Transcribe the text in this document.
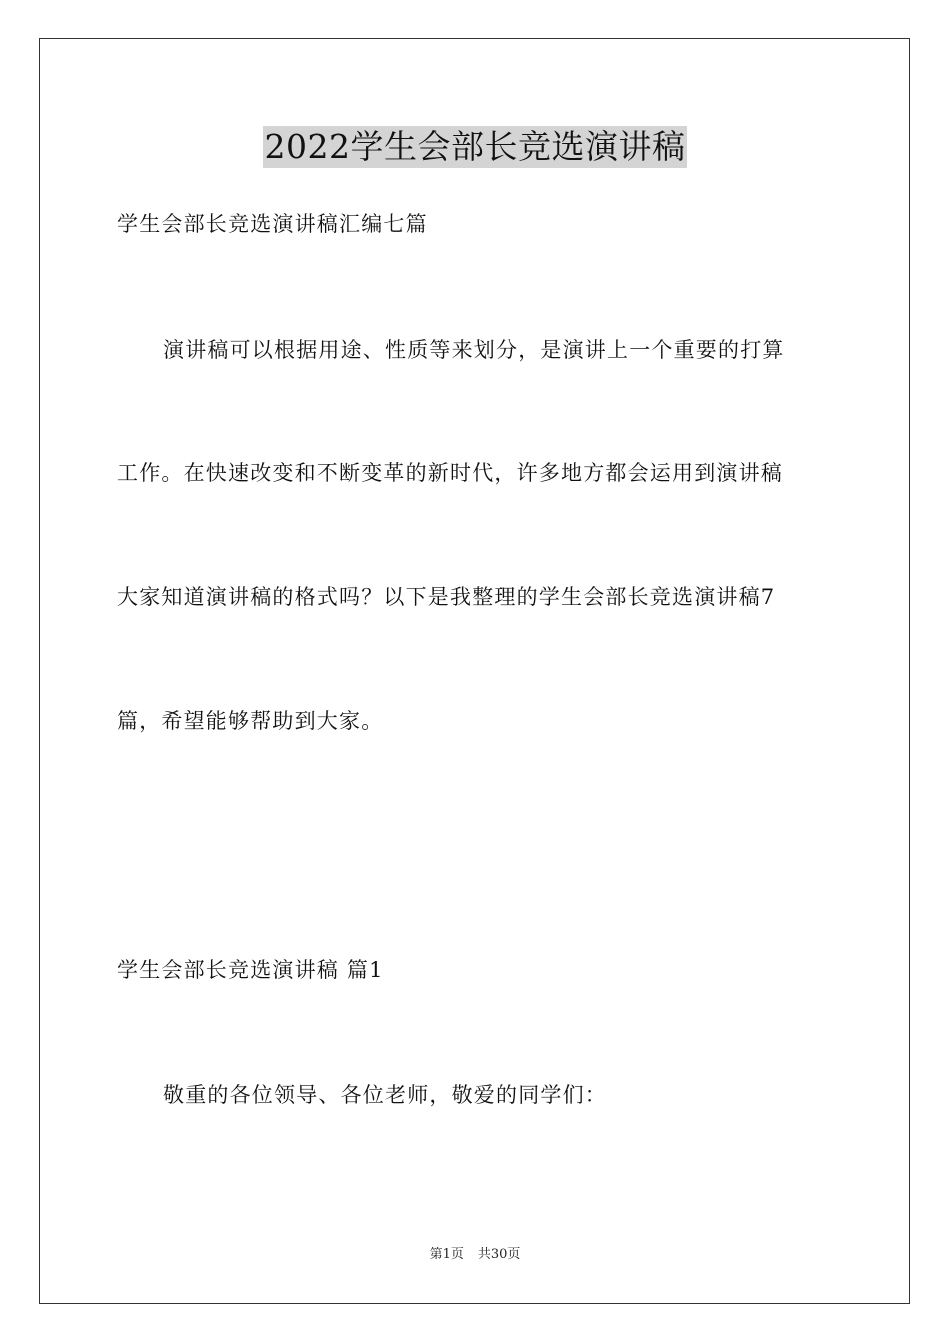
2022学生会部长竞选演讲稿
学生会部长竞选演讲稿汇编七篇
演讲稿可以根据用途、性质等来划分，是演讲上一个重要的打算
工作。在快速改变和不断变革的新时代，许多地方都会运用到演讲稿
大家知道演讲稿的格式吗？以下是我整理的学生会部长竞选演讲稿7
篇，希望能够帮助到大家。
学生会部长竞选演讲稿 篇1
敬重的各位领导、各位老师，敬爱的同学们：
第1页 共30页
